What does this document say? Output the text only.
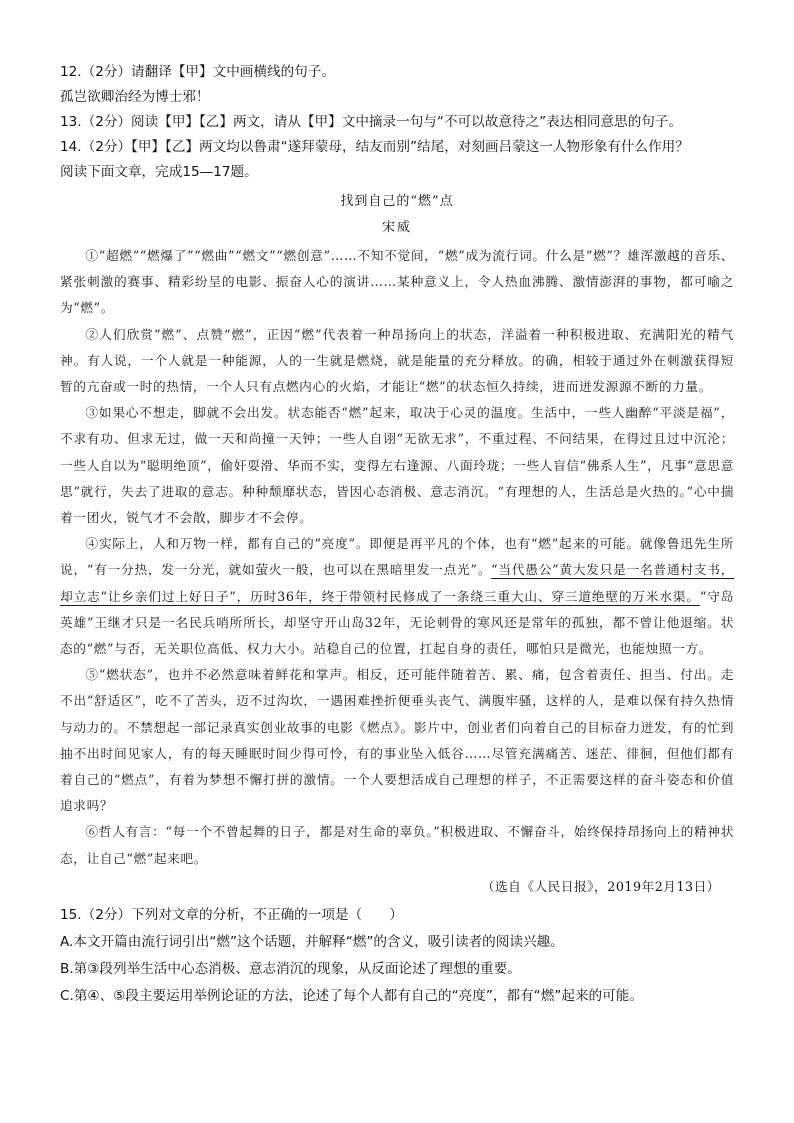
12.（2分）请翻译【甲】文中画横线的句子。
孤岂欲卿治经为博士邪！
13.（2分）阅读【甲】【乙】两文，请从【甲】文中摘录一句与“不可以故意待之”表达相同意思的句子。
14.（2分）【甲】【乙】两文均以鲁肃“遂拜蒙母，结友而别”结尾，对刻画吕蒙这一人物形象有什么作用？
阅读下面文章，完成15—17题。
找到自己的“燃”点
宋威

①“超燃”“燃爆了”“燃曲”“燃文”“燃创意”……不知不觉间，“燃”成为流行词。什么是“燃”？雄浑激越的音乐、紧张刺激的赛事、精彩纷呈的电影、振奋人心的演讲……某种意义上，令人热血沸腾、激情澎湃的事物，都可喻之为“燃”。

②人们欣赏“燃”、点赞“燃”，正因“燃”代表着一种昂扬向上的状态，洋溢着一种积极进取、充满阳光的精气神。有人说，一个人就是一种能源，人的一生就是燃烧，就是能量的充分释放。的确，相较于通过外在刺激获得短暂的亢奋或一时的热情，一个人只有点燃内心的火焰，才能让“燃”的状态恒久持续，进而迸发源源不断的力量。

③如果心不想走，脚就不会出发。状态能否“燃”起来，取决于心灵的温度。生活中，一些人幽醉“平淡是福”，不求有功、但求无过，做一天和尚撞一天钟；一些人自诩“无欲无求”，不重过程、不问结果，在得过且过中沉沦；一些人自以为“聪明绝顶”，偷奸耍滑、华而不实，变得左右逢源、八面玲珑；一些人盲信“佛系人生”，凡事“意思意思”就行，失去了进取的意志。种种颓靡状态，皆因心态消极、意志消沉。“有理想的人，生活总是火热的。”心中揣着一团火，锐气才不会散，脚步才不会停。

④实际上，人和万物一样，都有自己的“亮度”。即便是再平凡的个体，也有“燃”起来的可能。就像鲁迅先生所说，“有一分热，发一分光，就如萤火一般，也可以在黑暗里发一点光”。“当代愚公”黄大发只是一名普通村支书，却立志“让乡亲们过上好日子”，历时36年，终于带领村民修成了一条绕三重大山、穿三道绝壁的万米水渠。“守岛英雄”王继才只是一名民兵哨所所长，却坚守开山岛32年，无论刺骨的寒风还是常年的孤独，都不曾让他退缩。状态的“燃”与否，无关职位高低、权力大小。站稳自己的位置，扛起自身的责任，哪怕只是微光，也能烛照一方。

⑤“燃状态”，也并不必然意味着鲜花和掌声。相反，还可能伴随着苦、累、痛，包含着责任、担当、付出。走不出“舒适区”，吃不了苦头，迈不过沟坎，一遇困难挫折便垂头丧气、满腹牢骚，这样的人，是难以保有持久热情与动力的。不禁想起一部记录真实创业故事的电影《燃点》。影片中，创业者们向着自己的目标奋力迸发，有的忙到抽不出时间见家人，有的每天睡眠时间少得可怜，有的事业坠入低谷……尽管充满痛苦、迷茫、徘徊，但他们都有着自己的“燃点”，有着为梦想不懈打拼的激情。一个人要想活成自己理想的样子，不正需要这样的奋斗姿态和价值追求吗？

⑥哲人有言：“每一个不曾起舞的日子，都是对生命的辜负。”积极进取、不懈奋斗，始终保持昂扬向上的精神状态，让自己“燃”起来吧。

（选自《人民日报》，2019年2月13日）
15.（2分）下列对文章的分析，不正确的一项是（　　）
A.本文开篇由流行词引出“燃”这个话题，并解释“燃”的含义，吸引读者的阅读兴趣。
B.第③段列举生活中心态消极、意志消沉的现象，从反面论述了理想的重要。
C.第④、⑤段主要运用举例论证的方法，论述了每个人都有自己的“亮度”，都有“燃”起来的可能。
